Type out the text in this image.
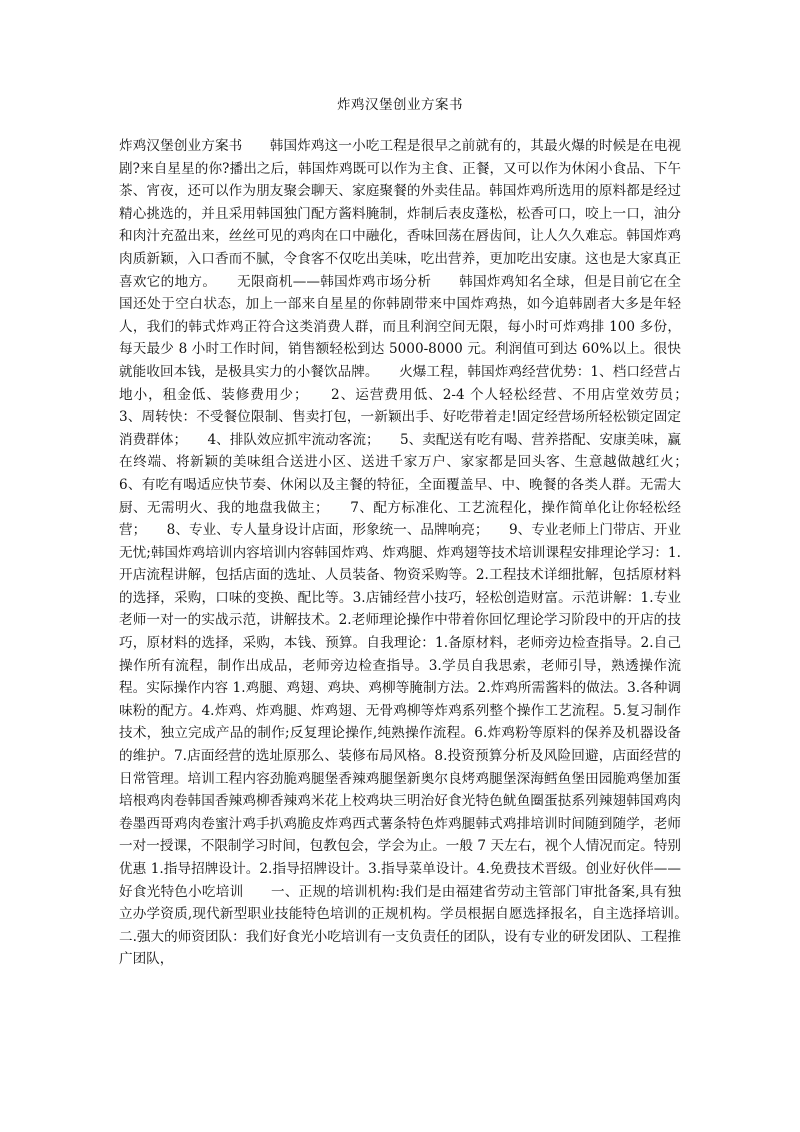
炸鸡汉堡创业方案书
炸鸡汉堡创业方案书　　韩国炸鸡这一小吃工程是很早之前就有的，其最火爆的时候是在电视剧?来自星星的你?播出之后，韩国炸鸡既可以作为主食、正餐，又可以作为休闲小食品、下午茶、宵夜，还可以作为朋友聚会聊天、家庭聚餐的外卖佳品。韩国炸鸡所选用的原料都是经过精心挑选的，并且采用韩国独门配方酱料腌制，炸制后表皮蓬松，松香可口，咬上一口，油分和肉汁充盈出来，丝丝可见的鸡肉在口中融化，香味回荡在唇齿间，让人久久难忘。韩国炸鸡肉质新颖，入口香而不腻，令食客不仅吃出美味，吃出营养，更加吃出安康。这也是大家真正喜欢它的地方。　　无限商机——韩国炸鸡市场分析　　韩国炸鸡知名全球，但是目前它在全国还处于空白状态，加上一部来自星星的你韩剧带来中国炸鸡热，如今追韩剧者大多是年轻人，我们的韩式炸鸡正符合这类消费人群，而且利润空间无限，每小时可炸鸡排 100 多份，每天最少 8 小时工作时间，销售额轻松到达 5000-8000 元。利润值可到达 60%以上。很快就能收回本钱，是极具实力的小餐饮品牌。　　火爆工程，韩国炸鸡经营优势：1、档口经营占地小，租金低、装修费用少；　　2、运营费用低、2-4 个人轻松经营、不用店堂效劳员；　　3、周转快：不受餐位限制、售卖打包，一新颖出手、好吃带着走!固定经营场所轻松锁定固定消费群体；　　4、排队效应抓牢流动客流；　　5、卖配送有吃有喝、营养搭配、安康美味，赢在终端、将新颖的美味组合送进小区、送进千家万户、家家都是回头客、生意越做越红火；　　6、有吃有喝适应快节奏、休闲以及主餐的特征，全面覆盖早、中、晚餐的各类人群。无需大厨、无需明火、我的地盘我做主；　　7、配方标准化、工艺流程化，操作简单化让你轻松经营；　　8、专业、专人量身设计店面，形象统一、品牌响亮；　　9、专业老师上门带店、开业无忧;韩国炸鸡培训内容培训内容韩国炸鸡、炸鸡腿、炸鸡翅等技术培训课程安排理论学习：1.开店流程讲解，包括店面的选址、人员装备、物资采购等。2.工程技术详细批解，包括原材料的选择，采购，口味的变换、配比等。3.店铺经营小技巧，轻松创造财富。示范讲解：1.专业老师一对一的实战示范，讲解技术。2.老师理论操作中带着你回忆理论学习阶段中的开店的技巧，原材料的选择，采购，本钱、预算。自我理论：1.备原材料，老师旁边检查指导。2.自己操作所有流程，制作出成品，老师旁边检查指导。3.学员自我思索，老师引导，熟透操作流程。实际操作内容 1.鸡腿、鸡翅、鸡块、鸡柳等腌制方法。2.炸鸡所需酱料的做法。3.各种调味粉的配方。4.炸鸡、炸鸡腿、炸鸡翅、无骨鸡柳等炸鸡系列整个操作工艺流程。5.复习制作技术，独立完成产品的制作;反复理论操作,纯熟操作流程。6.炸鸡粉等原料的保养及机器设备的维护。7.店面经营的选址原那么、装修布局风格。8.投资预算分析及风险回避，店面经营的日常管理。培训工程内容劲脆鸡腿堡香辣鸡腿堡新奥尔良烤鸡腿堡深海鳕鱼堡田园脆鸡堡加蛋培根鸡肉卷韩国香辣鸡柳香辣鸡米花上校鸡块三明治好食光特色鱿鱼圈蛋挞系列辣翅韩国鸡肉卷墨西哥鸡肉卷蜜汁鸡手扒鸡脆皮炸鸡西式薯条特色炸鸡腿韩式鸡排培训时间随到随学，老师一对一授课，不限制学习时间，包教包会，学会为止。一般 7 天左右，视个人情况而定。特别优惠 1.指导招牌设计。2.指导招牌设计。3.指导菜单设计。4.免费技术晋级。创业好伙伴——好食光特色小吃培训　　一、正规的培训机构:我们是由福建省劳动主管部门审批备案,具有独立办学资质,现代新型职业技能特色培训的正规机构。学员根据自愿选择报名，自主选择培训。　　二.强大的师资团队：我们好食光小吃培训有一支负责任的团队，设有专业的研发团队、工程推广团队，
